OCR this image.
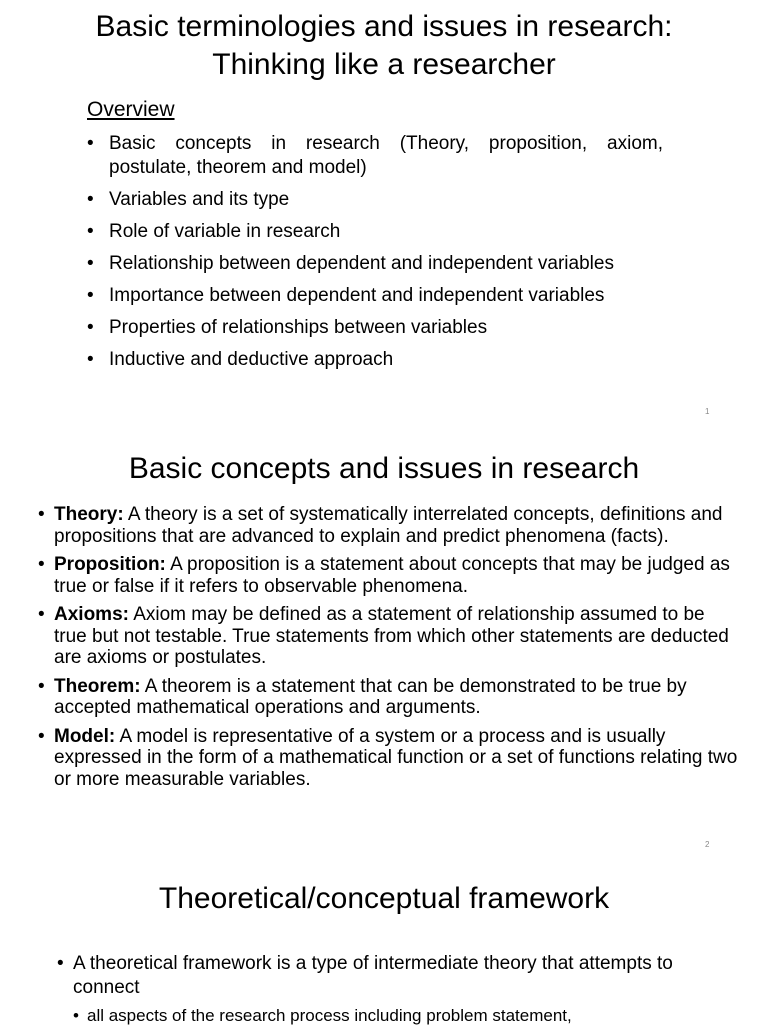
Basic terminologies and issues in research:
Thinking like a researcher
Overview
• Basic concepts in research (Theory, proposition, axiom, postulate, theorem and model)
• Variables and its type
• Role of variable in research
• Relationship between dependent and independent variables
• Importance between dependent and independent variables
• Properties of relationships between variables
• Inductive and deductive approach
1
Basic concepts and issues in research
• Theory: A theory is a set of systematically interrelated concepts, definitions and propositions that are advanced to explain and predict phenomena (facts).
• Proposition: A proposition is a statement about concepts that may be judged as true or false if it refers to observable phenomena.
• Axioms: Axiom may be defined as a statement of relationship assumed to be true but not testable. True statements from which other statements are deducted are axioms or postulates.
• Theorem: A theorem is a statement that can be demonstrated to be true by accepted mathematical operations and arguments.
• Model: A model is representative of a system or a process and is usually expressed in the form of a mathematical function or a set of functions relating two or more measurable variables.
2
Theoretical/conceptual framework
• A theoretical framework is a type of intermediate theory that attempts to connect
• all aspects of the research process including problem statement,
